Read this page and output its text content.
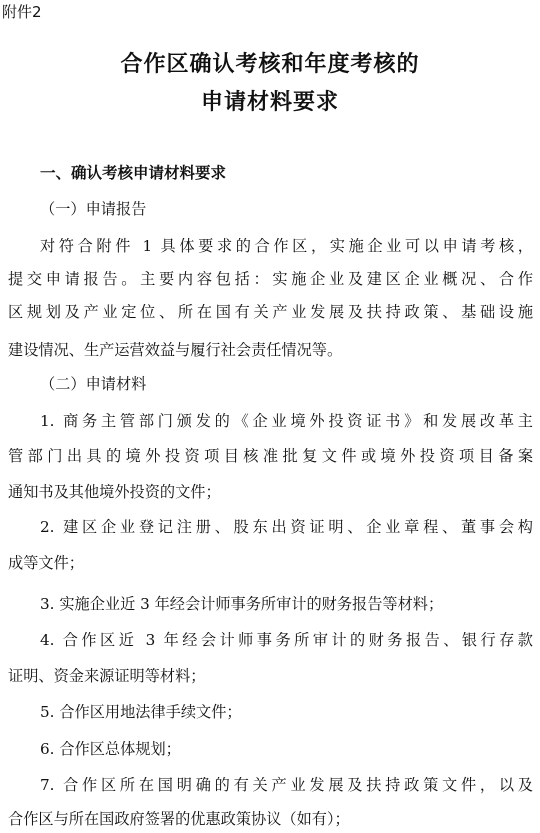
附件2
合作区确认考核和年度考核的
申请材料要求
一、确认考核申请材料要求
（一）申请报告
对符合附件 1 具体要求的合作区，实施企业可以申请考核，
提交申请报告。主要内容包括：实施企业及建区企业概况、合作
区规划及产业定位、所在国有关产业发展及扶持政策、基础设施
建设情况、生产运营效益与履行社会责任情况等。
（二）申请材料
1. 商务主管部门颁发的《企业境外投资证书》和发展改革主
管部门出具的境外投资项目核准批复文件或境外投资项目备案
通知书及其他境外投资的文件；
2. 建区企业登记注册、股东出资证明、企业章程、董事会构
成等文件；
3. 实施企业近 3 年经会计师事务所审计的财务报告等材料；
4. 合作区近 3 年经会计师事务所审计的财务报告、银行存款
证明、资金来源证明等材料；
5. 合作区用地法律手续文件；
6. 合作区总体规划；
7. 合作区所在国明确的有关产业发展及扶持政策文件，以及
合作区与所在国政府签署的优惠政策协议（如有）；
